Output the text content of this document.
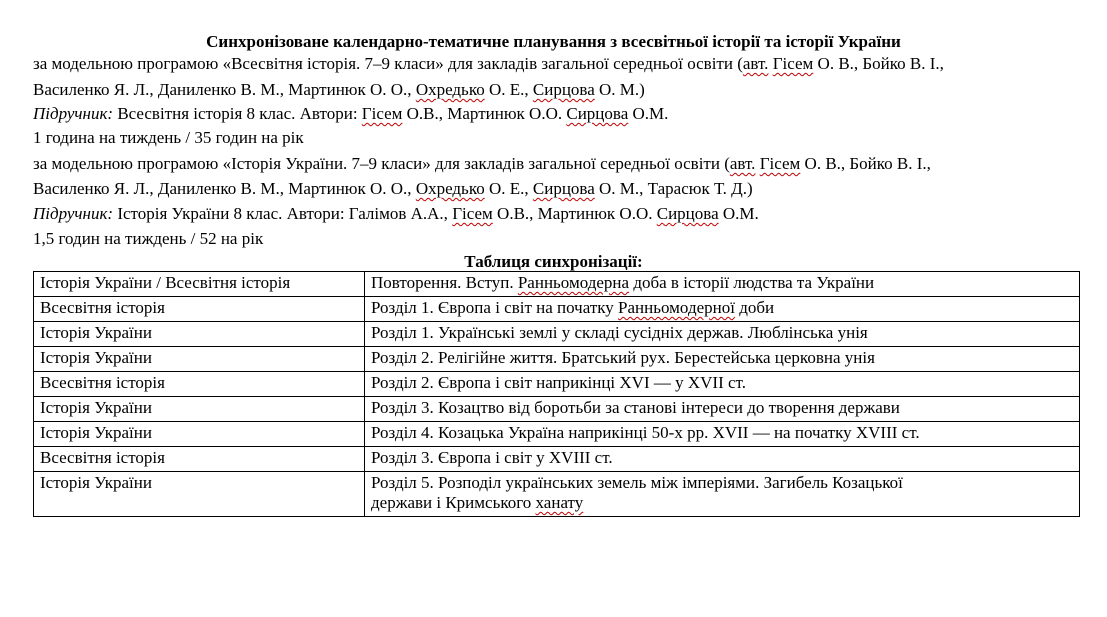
Синхронізоване календарно-тематичне планування з всесвітньої історії та історії України
за модельною програмою «Всесвітня історія. 7–9 класи» для закладів загальної середньої освіти (авт. Гісем О. В., Бойко В. І.,
Василенко Я. Л., Даниленко В. М., Мартинюк О. О., Охредько О. Е., Сирцова О. М.)
Підручник: Всесвітня історія 8 клас. Автори: Гісем О.В., Мартинюк О.О. Сирцова О.М.
1 година на тиждень / 35 годин на рік
за модельною програмою «Історія України. 7–9 класи» для закладів загальної середньої освіти (авт. Гісем О. В., Бойко В. І.,
Василенко Я. Л., Даниленко В. М., Мартинюк О. О., Охредько О. Е., Сирцова О. М., Тарасюк Т. Д.)
Підручник: Історія України 8 клас. Автори: Галімов А.А., Гісем О.В., Мартинюк О.О. Сирцова О.М.
1,5 годин на тиждень / 52 на рік
Таблиця синхронізації:
Історія України / Всесвітня історія	Повторення. Вступ. Ранньомодерна доба в історії людства та України
Всесвітня історія	Розділ 1. Європа і світ на початку Ранньомодерної доби
Історія України	Розділ 1. Українські землі у складі сусідніх держав. Люблінська унія
Історія України	Розділ 2. Релігійне життя. Братський рух. Берестейська церковна унія
Всесвітня історія	Розділ 2. Європа і світ наприкінці XVI — у XVII ст.
Історія України	Розділ 3. Козацтво від боротьби за станові інтереси до творення держави
Історія України	Розділ 4. Козацька Україна наприкінці 50-х рр. XVII — на початку XVIII ст.
Всесвітня історія	Розділ 3. Європа і світ у XVIII ст.
Історія України	Розділ 5. Розподіл українських земель між імперіями. Загибель Козацької
держави і Кримського ханату
